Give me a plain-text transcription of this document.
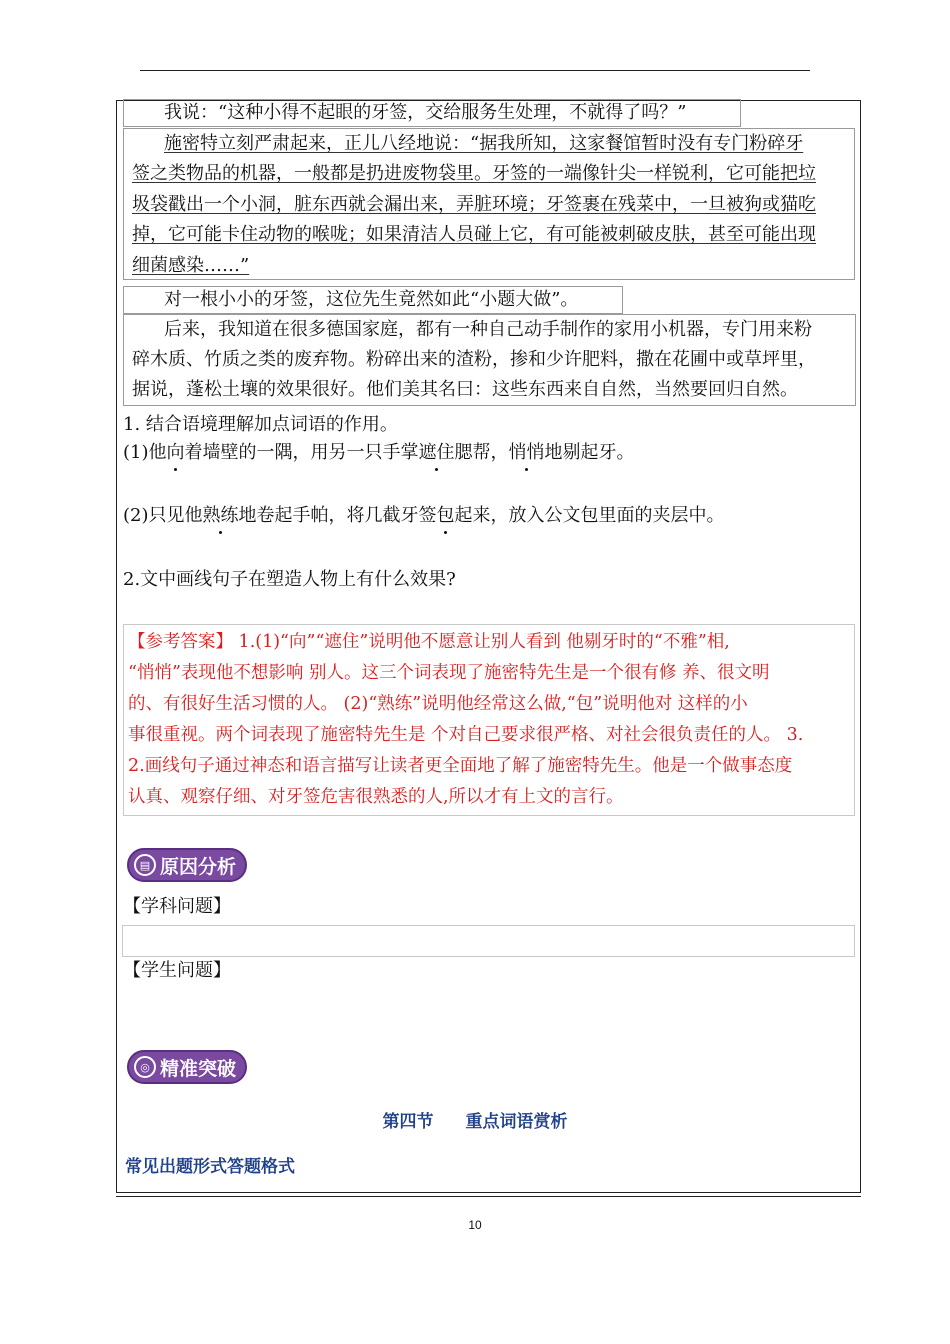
我说：“这种小得不起眼的牙签，交给服务生处理，不就得了吗？”
施密特立刻严肃起来，正儿八经地说：“据我所知，这家餐馆暂时没有专门粉碎牙
签之类物品的机器，一般都是扔进废物袋里。牙签的一端像针尖一样锐利，它可能把垃
圾袋戳出一个小洞，脏东西就会漏出来，弄脏环境；牙签裹在残菜中，一旦被狗或猫吃
掉，它可能卡住动物的喉咙；如果清洁人员碰上它，有可能被刺破皮肤，甚至可能出现
细菌感染……”
对一根小小的牙签，这位先生竟然如此“小题大做”。
后来，我知道在很多德国家庭，都有一种自己动手制作的家用小机器，专门用来粉
碎木质、竹质之类的废弃物。粉碎出来的渣粉，掺和少许肥料，撒在花圃中或草坪里，
据说，蓬松土壤的效果很好。他们美其名曰：这些东西来自自然，当然要回归自然。
1. 结合语境理解加点词语的作用。
(1)他向着墙壁的一隅，用另一只手掌遮住腮帮，悄悄地剔起牙。
(2)只见他熟练地卷起手帕，将几截牙签包起来，放入公文包里面的夹层中。
2.文中画线句子在塑造人物上有什么效果?
【参考答案】 1.(1)“向”“遮住”说明他不愿意让别人看到 他剔牙时的“不雅”相,
“悄悄”表现他不想影响 别人。这三个词表现了施密特先生是一个很有修 养、很文明
的、有很好生活习惯的人。 (2)“熟练”说明他经常这么做,“包”说明他对 这样的小
事很重视。两个词表现了施密特先生是 个对自己要求很严格、对社会很负责任的人。 3.
2.画线句子通过神态和语言描写让读者更全面地了解了施密特先生。他是一个做事态度
认真、观察仔细、对牙签危害很熟悉的人,所以才有上文的言行。
▤ 原因分析
【学科问题】
【学生问题】
◎ 精准突破
第四节 重点词语赏析
常见出题形式答题格式
10
